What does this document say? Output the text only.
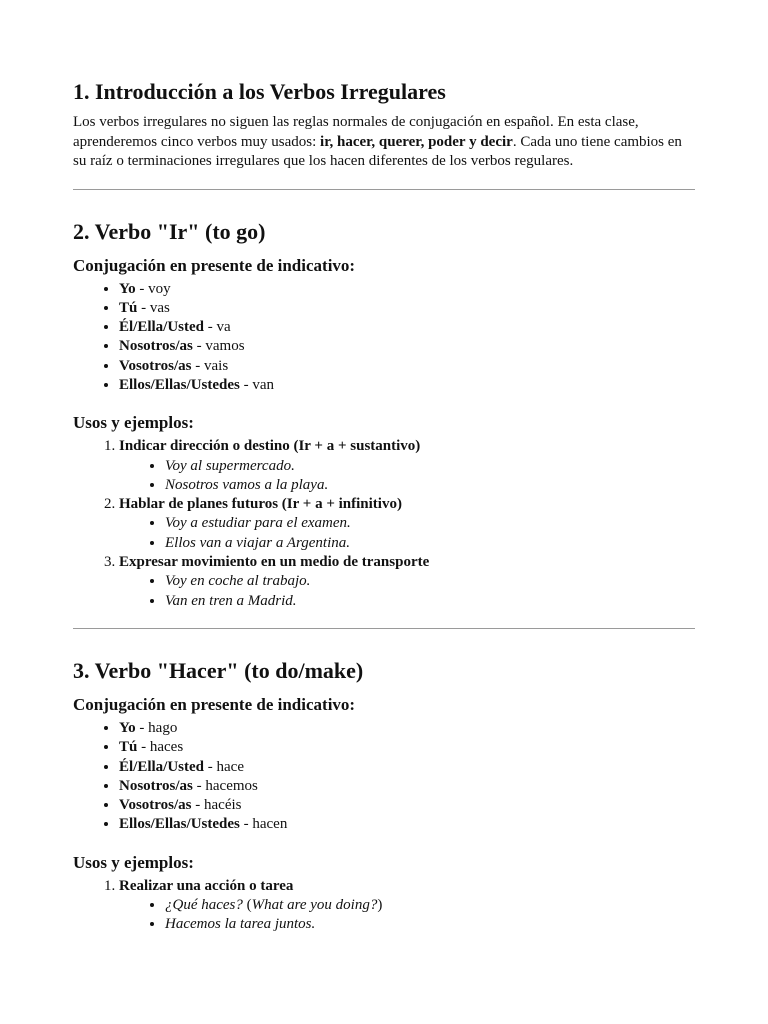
1. Introducción a los Verbos Irregulares

Los verbos irregulares no siguen las reglas normales de conjugación en español. En esta clase, aprenderemos cinco verbos muy usados: ir, hacer, querer, poder y decir. Cada uno tiene cambios en su raíz o terminaciones irregulares que los hacen diferentes de los verbos regulares.

2. Verbo "Ir" (to go)
Conjugación en presente de indicativo:
• Yo - voy
• Tú - vas
• Él/Ella/Usted - va
• Nosotros/as - vamos
• Vosotros/as - vais
• Ellos/Ellas/Ustedes - van
Usos y ejemplos:
1. Indicar dirección o destino (Ir + a + sustantivo)
• Voy al supermercado.
• Nosotros vamos a la playa.
2. Hablar de planes futuros (Ir + a + infinitivo)
• Voy a estudiar para el examen.
• Ellos van a viajar a Argentina.
3. Expresar movimiento en un medio de transporte
• Voy en coche al trabajo.
• Van en tren a Madrid.
3. Verbo "Hacer" (to do/make)
Conjugación en presente de indicativo:
• Yo - hago
• Tú - haces
• Él/Ella/Usted - hace
• Nosotros/as - hacemos
• Vosotros/as - hacéis
• Ellos/Ellas/Ustedes - hacen
Usos y ejemplos:
1. Realizar una acción o tarea
• ¿Qué haces? (What are you doing?)
• Hacemos la tarea juntos.
